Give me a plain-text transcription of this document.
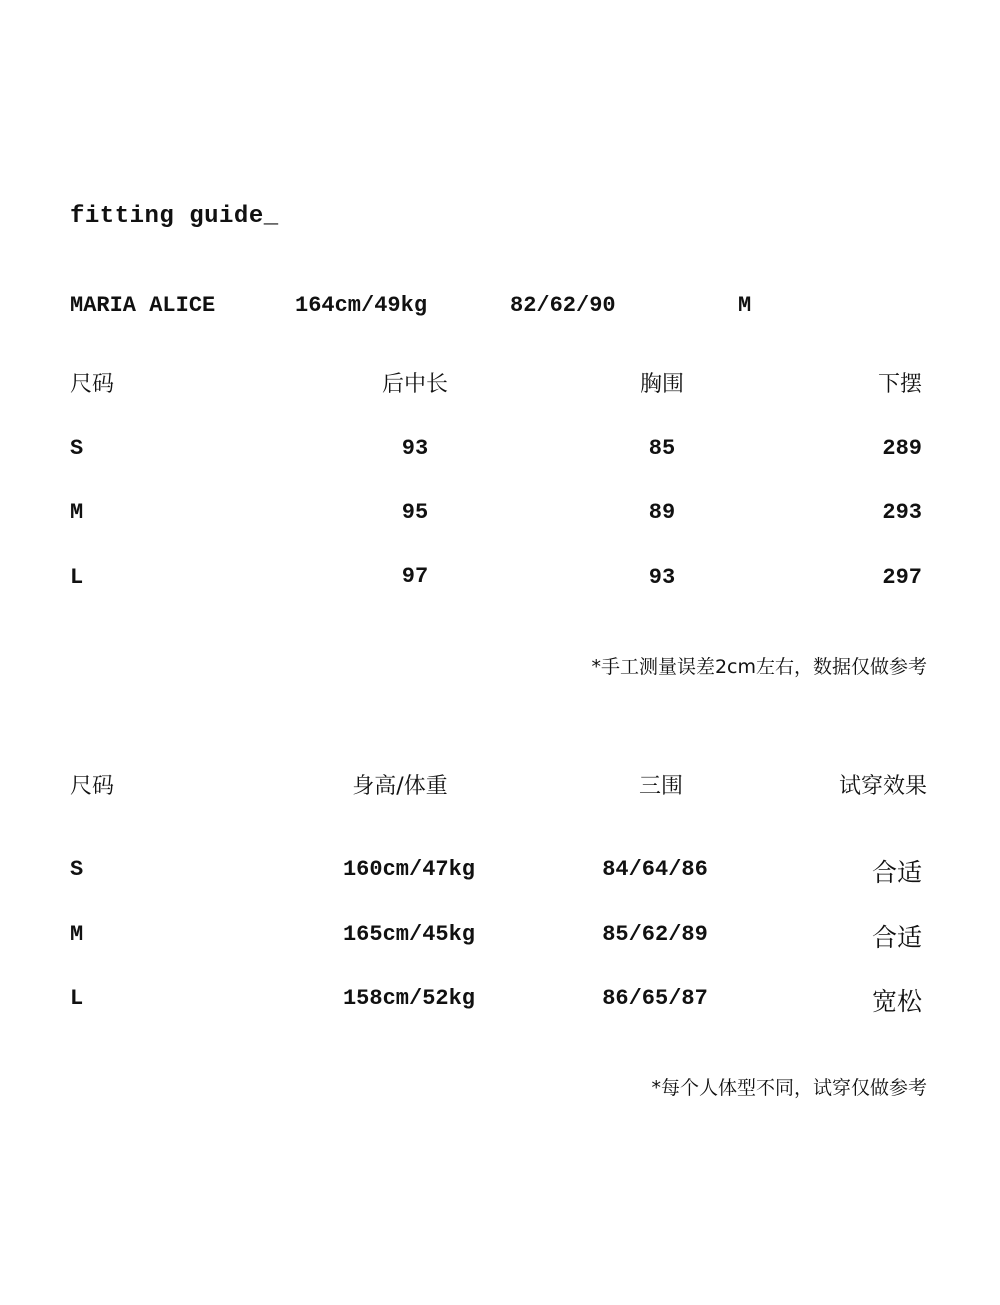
fitting guide_
MARIA ALICE	164cm/49kg	82/62/90	M
尺码	后中长	胸围	下摆
S	93	85	289
M	95	89	293
L	97	93	297
*手工测量误差2cm左右，数据仅做参考
尺码	身高/体重	三围	试穿效果
S	160cm/47kg	84/64/86	合适
M	165cm/45kg	85/62/89	合适
L	158cm/52kg	86/65/87	宽松
*每个人体型不同，试穿仅做参考
